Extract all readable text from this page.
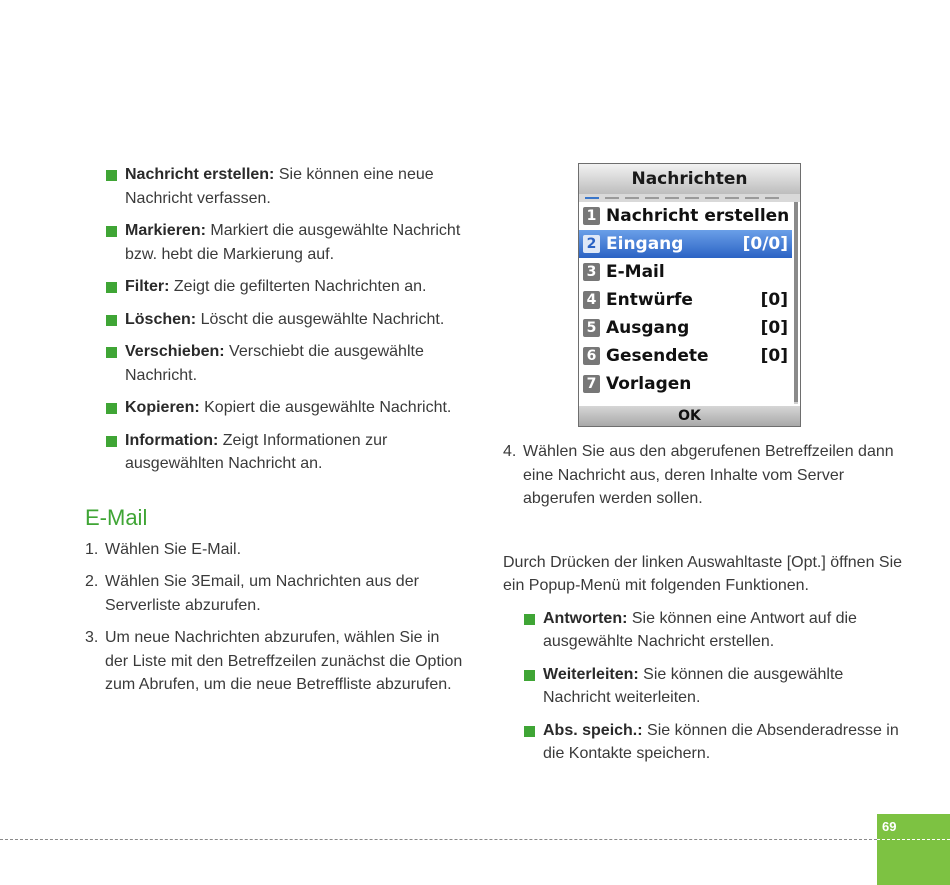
Nachricht erstellen: Sie können eine neue Nachricht verfassen.
Markieren: Markiert die ausgewählte Nachricht bzw. hebt die Markierung auf.
Filter: Zeigt die gefilterten Nachrichten an.
Löschen: Löscht die ausgewählte Nachricht.
Verschieben: Verschiebt die ausgewählte Nachricht.
Kopieren: Kopiert die ausgewählte Nachricht.
Information: Zeigt Informationen zur ausgewählten Nachricht an.
E-Mail
1. Wählen Sie E-Mail.
2. Wählen Sie 3Email, um Nachrichten aus der Serverliste abzurufen.
3. Um neue Nachrichten abzurufen, wählen Sie in der Liste mit den Betreffzeilen zunächst die Option zum Abrufen, um die neue Betreffliste abzurufen.
Nachrichten
1 Nachricht erstellen
2 Eingang	[0/0]
3 E-Mail
4 Entwürfe	[0]
5 Ausgang	[0]
6 Gesendete	[0]
7 Vorlagen
OK
4. Wählen Sie aus den abgerufenen Betreffzeilen dann eine Nachricht aus, deren Inhalte vom Server abgerufen werden sollen.

Durch Drücken der linken Auswahltaste [Opt.] öffnen Sie ein Popup-Menü mit folgenden Funktionen.

Antworten: Sie können eine Antwort auf die ausgewählte Nachricht erstellen.
Weiterleiten: Sie können die ausgewählte Nachricht weiterleiten.
Abs. speich.: Sie können die Absenderadresse in die Kontakte speichern.
69
